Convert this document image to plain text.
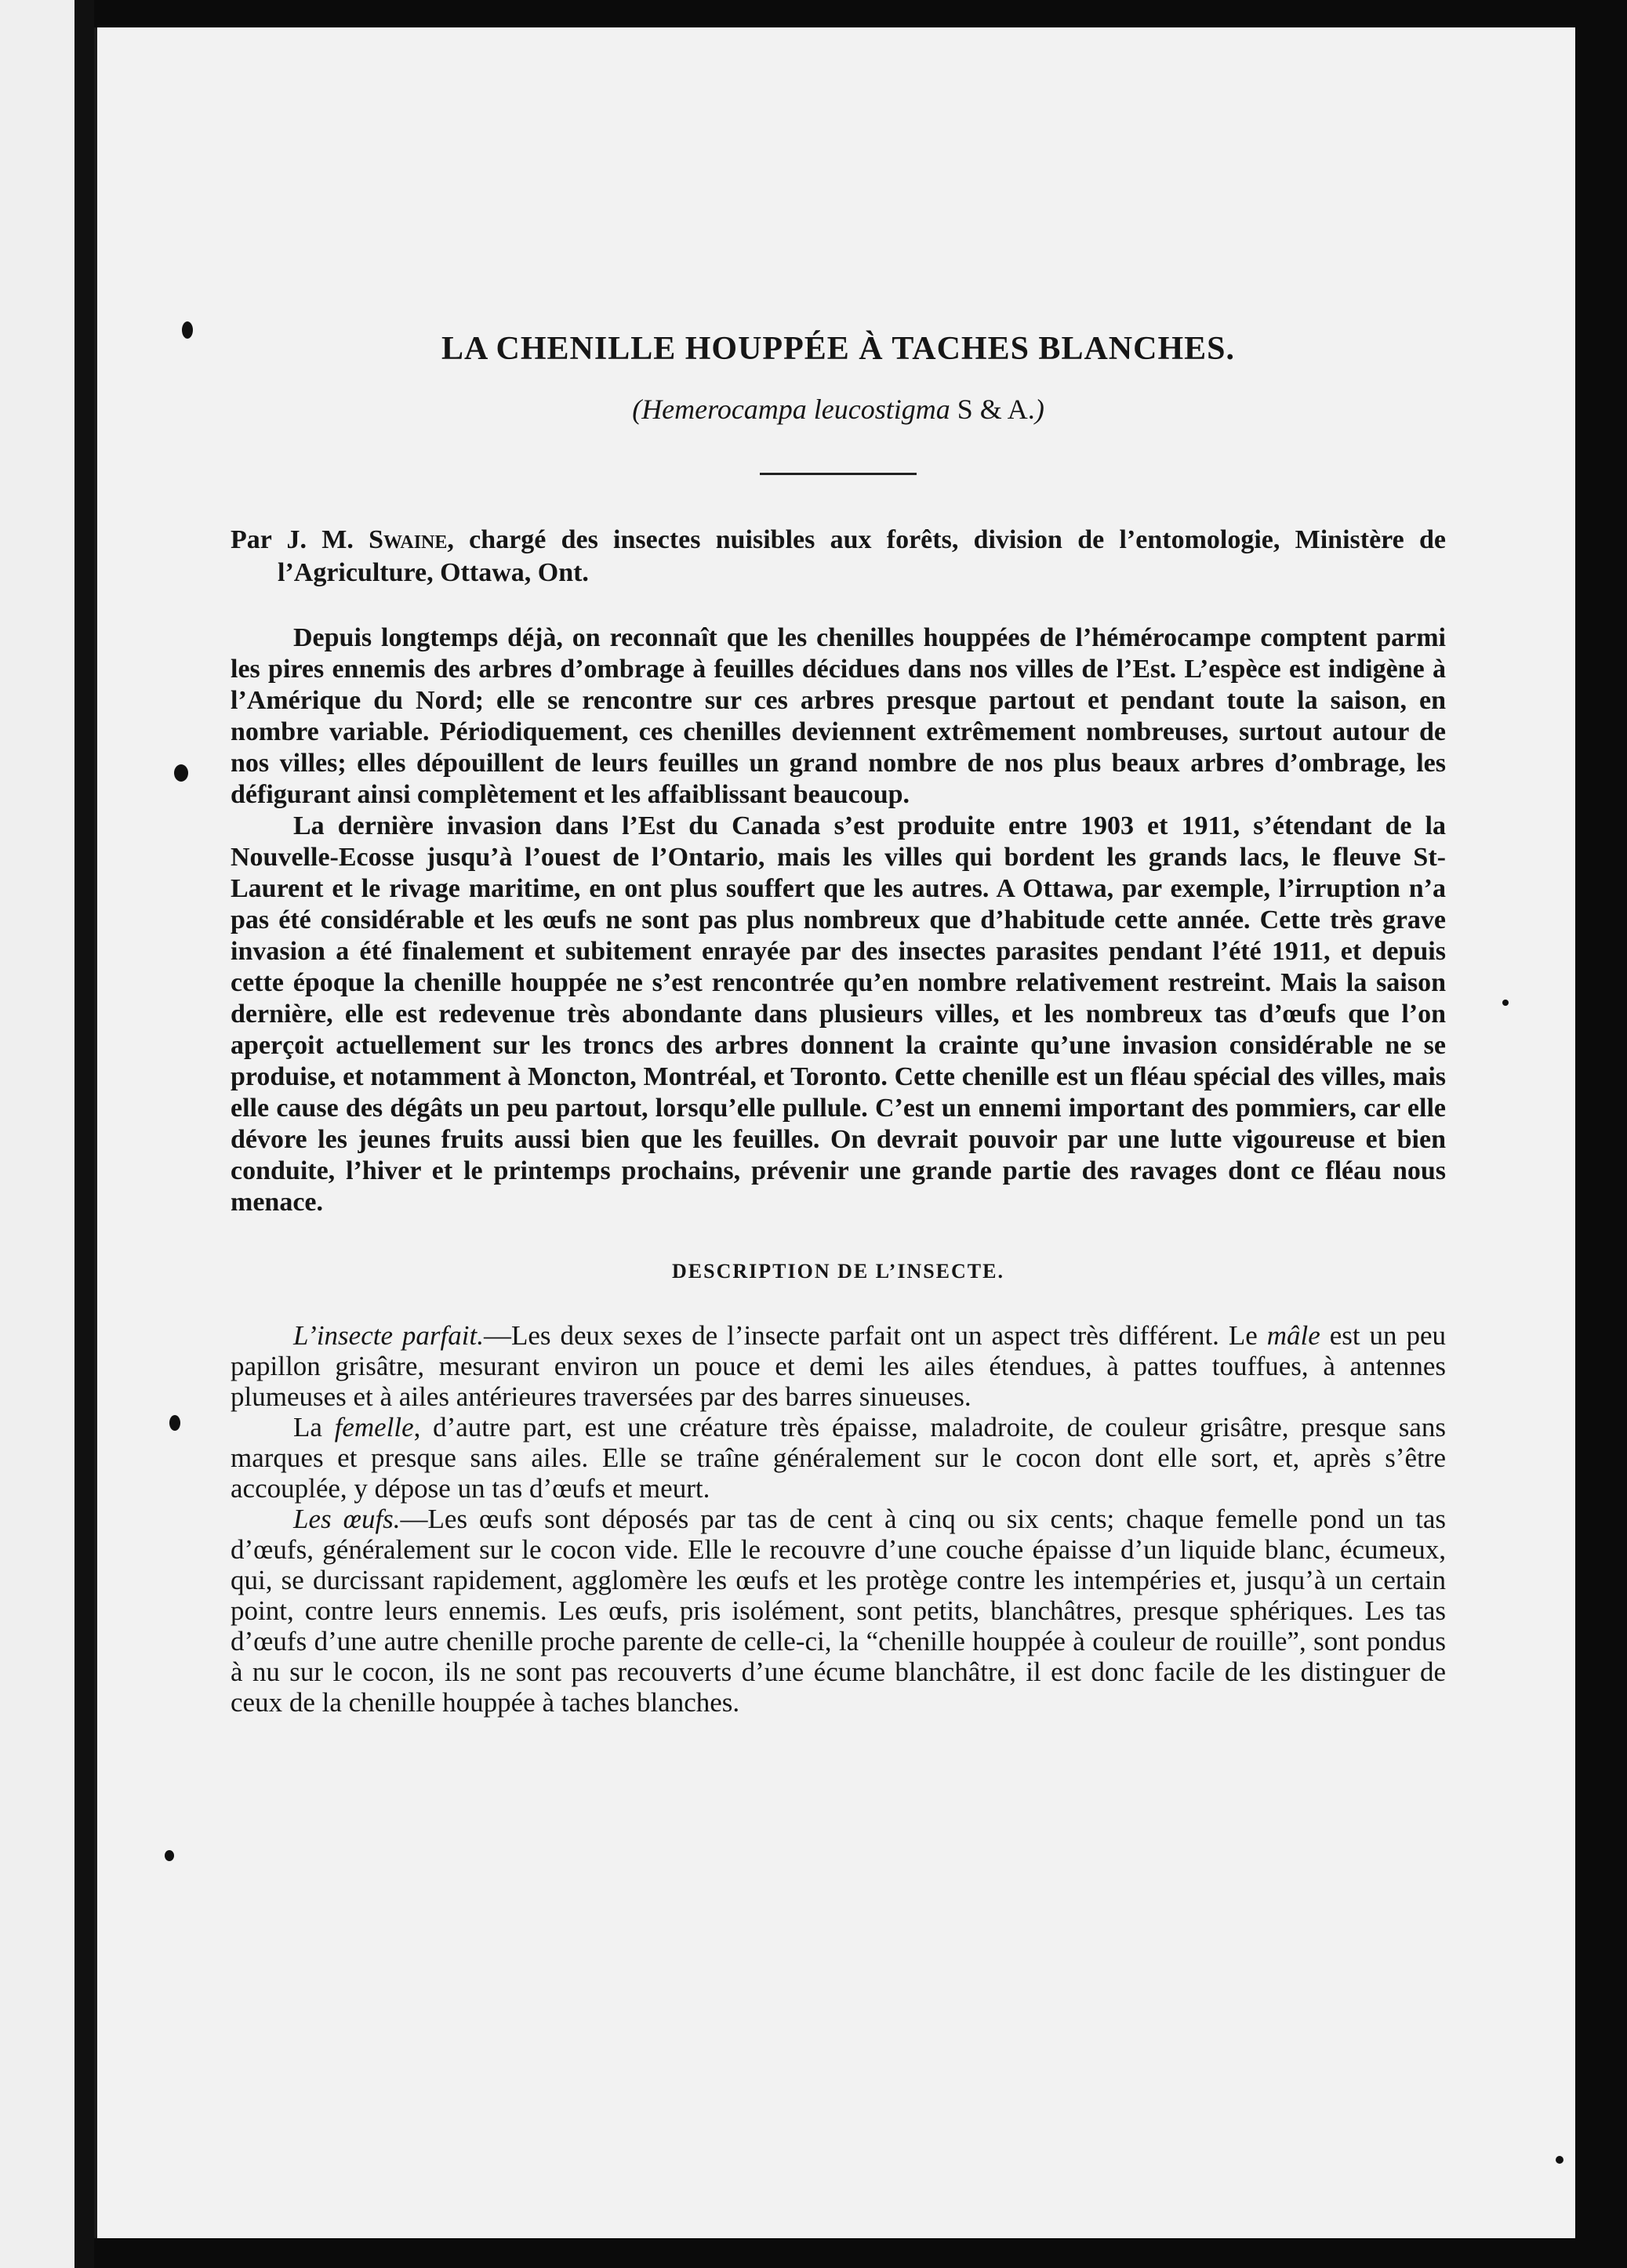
LA CHENILLE HOUPPÉE À TACHES BLANCHES.

(Hemerocampa leucostigma S & A.)

Par J. M. Swaine, chargé des insectes nuisibles aux forêts, division de l’entomologie, Ministère de l’Agriculture, Ottawa, Ont.

Depuis longtemps déjà, on reconnaît que les chenilles houppées de l’hémérocampe comptent parmi les pires ennemis des arbres d’ombrage à feuilles décidues dans nos villes de l’Est. L’espèce est indigène à l’Amérique du Nord; elle se rencontre sur ces arbres presque partout et pendant toute la saison, en nombre variable. Périodiquement, ces chenilles deviennent extrêmement nombreuses, surtout autour de nos villes; elles dépouillent de leurs feuilles un grand nombre de nos plus beaux arbres d’ombrage, les défigurant ainsi complètement et les affaiblissant beaucoup.

La dernière invasion dans l’Est du Canada s’est produite entre 1903 et 1911, s’étendant de la Nouvelle-Ecosse jusqu’à l’ouest de l’Ontario, mais les villes qui bordent les grands lacs, le fleuve St-Laurent et le rivage maritime, en ont plus souffert que les autres. A Ottawa, par exemple, l’irruption n’a pas été considérable et les œufs ne sont pas plus nombreux que d’habitude cette année. Cette très grave invasion a été finalement et subitement enrayée par des insectes parasites pendant l’été 1911, et depuis cette époque la chenille houppée ne s’est rencontrée qu’en nombre relativement restreint. Mais la saison dernière, elle est redevenue très abondante dans plusieurs villes, et les nombreux tas d’œufs que l’on aperçoit actuellement sur les troncs des arbres donnent la crainte qu’une invasion considérable ne se produise, et notamment à Moncton, Montréal, et Toronto. Cette chenille est un fléau spécial des villes, mais elle cause des dégâts un peu partout, lorsqu’elle pullule. C’est un ennemi important des pommiers, car elle dévore les jeunes fruits aussi bien que les feuilles. On devrait pouvoir par une lutte vigoureuse et bien conduite, l’hiver et le printemps prochains, prévenir une grande partie des ravages dont ce fléau nous menace.

DESCRIPTION DE L’INSECTE.

L’insecte parfait.—Les deux sexes de l’insecte parfait ont un aspect très différent. Le mâle est un peu papillon grisâtre, mesurant environ un pouce et demi les ailes étendues, à pattes touffues, à antennes plumeuses et à ailes antérieures traversées par des barres sinueuses.

La femelle, d’autre part, est une créature très épaisse, maladroite, de couleur grisâtre, presque sans marques et presque sans ailes. Elle se traîne généralement sur le cocon dont elle sort, et, après s’être accouplée, y dépose un tas d’œufs et meurt.

Les œufs.—Les œufs sont déposés par tas de cent à cinq ou six cents; chaque femelle pond un tas d’œufs, généralement sur le cocon vide. Elle le recouvre d’une couche épaisse d’un liquide blanc, écumeux, qui, se durcissant rapidement, agglomère les œufs et les protège contre les intempéries et, jusqu’à un certain point, contre leurs ennemis. Les œufs, pris isolément, sont petits, blanchâtres, presque sphériques. Les tas d’œufs d’une autre chenille proche parente de celle-ci, la “chenille houppée à couleur de rouille”, sont pondus à nu sur le cocon, ils ne sont pas recouverts d’une écume blanchâtre, il est donc facile de les distinguer de ceux de la chenille houppée à taches blanches.
